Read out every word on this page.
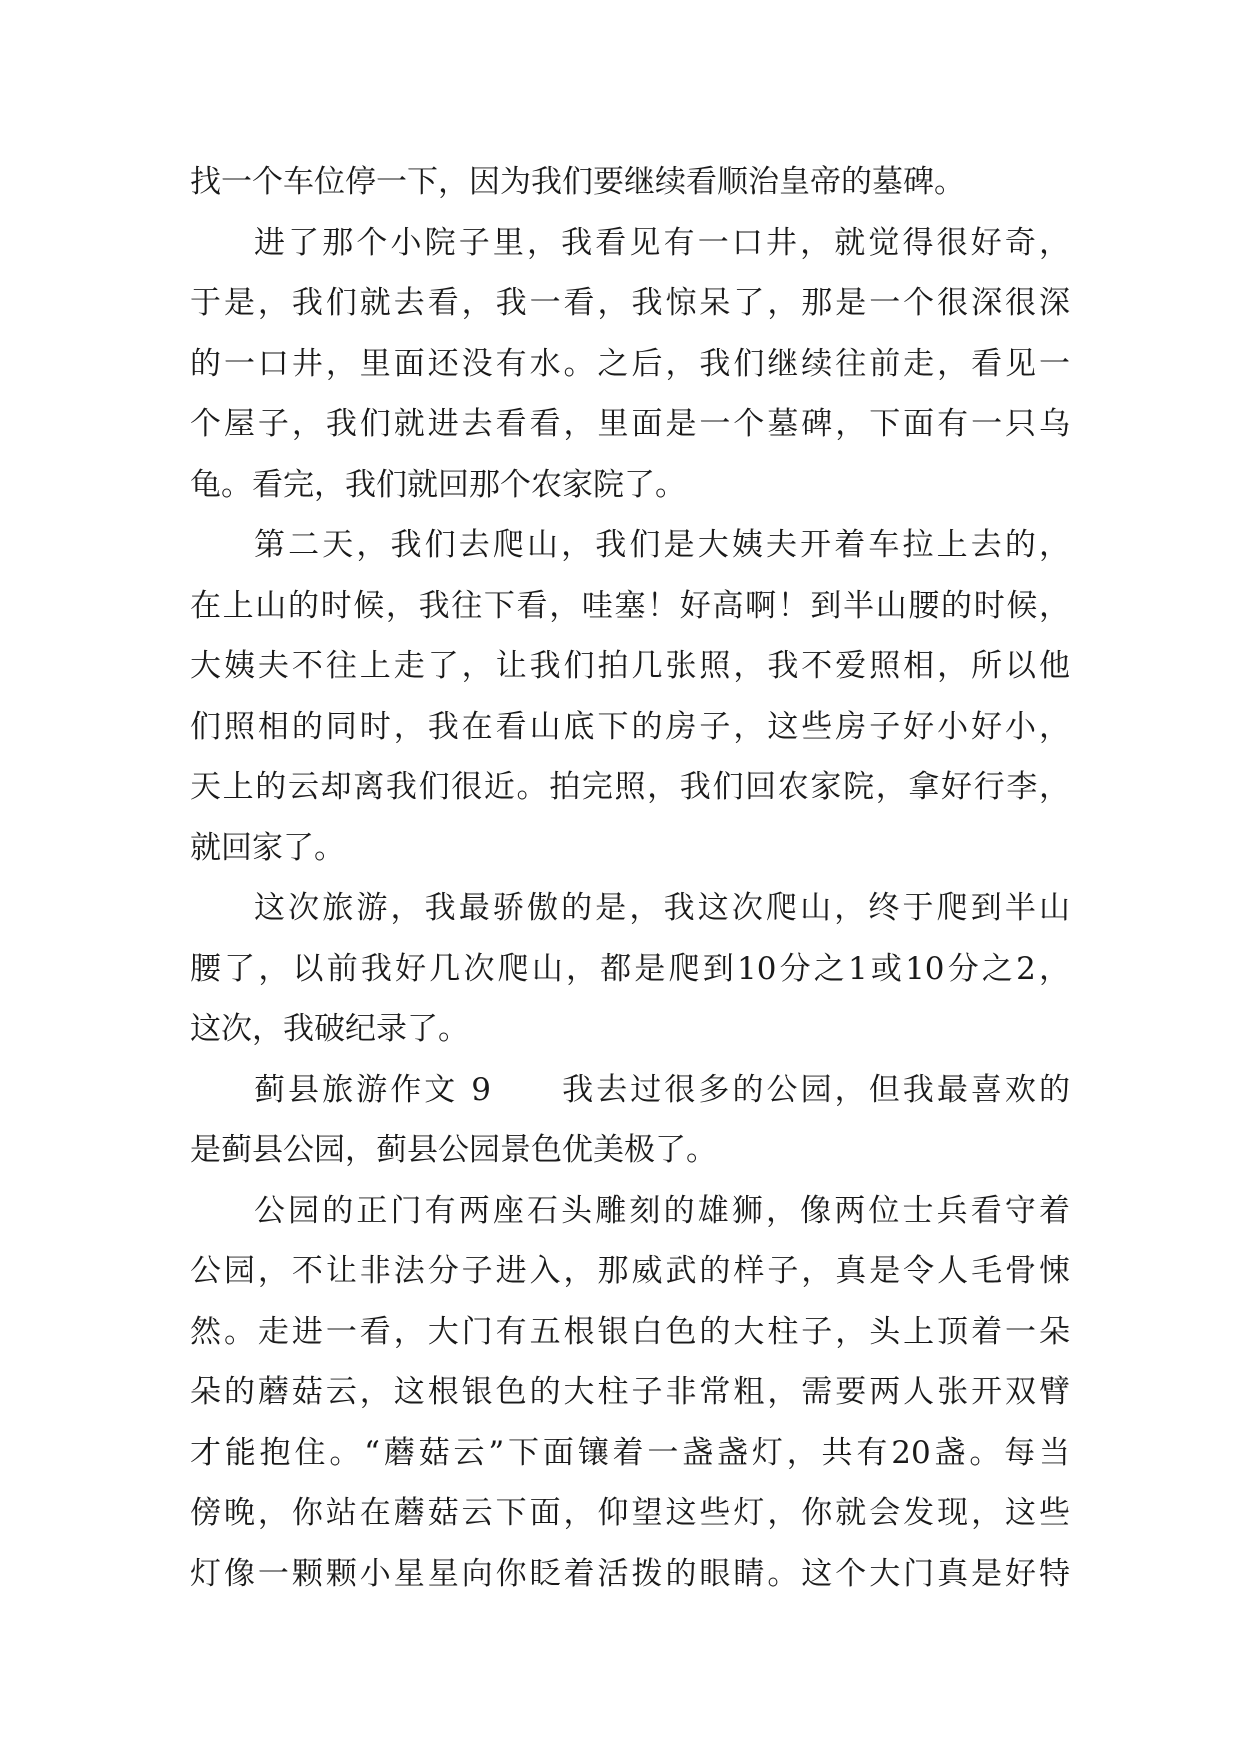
找一个车位停一下，因为我们要继续看顺治皇帝的墓碑。
进了那个小院子里，我看见有一口井，就觉得很好奇，
于是，我们就去看，我一看，我惊呆了，那是一个很深很深
的一口井，里面还没有水。之后，我们继续往前走，看见一
个屋子，我们就进去看看，里面是一个墓碑，下面有一只乌
龟。看完，我们就回那个农家院了。
第二天，我们去爬山，我们是大姨夫开着车拉上去的，
在上山的时候，我往下看，哇塞！好高啊！到半山腰的时候，
大姨夫不往上走了，让我们拍几张照，我不爱照相，所以他
们照相的同时，我在看山底下的房子，这些房子好小好小，
天上的云却离我们很近。拍完照，我们回农家院，拿好行李，
就回家了。
这次旅游，我最骄傲的是，我这次爬山，终于爬到半山
腰了，以前我好几次爬山，都是爬到10分之1或10分之2，
这次，我破纪录了。
蓟县旅游作文 9　　我去过很多的公园，但我最喜欢的
是蓟县公园，蓟县公园景色优美极了。
公园的正门有两座石头雕刻的雄狮，像两位士兵看守着
公园，不让非法分子进入，那威武的样子，真是令人毛骨悚
然。走进一看，大门有五根银白色的大柱子，头上顶着一朵
朵的蘑菇云，这根银色的大柱子非常粗，需要两人张开双臂
才能抱住。“蘑菇云”下面镶着一盏盏灯，共有20盏。每当
傍晚，你站在蘑菇云下面，仰望这些灯，你就会发现，这些
灯像一颗颗小星星向你眨着活拨的眼睛。这个大门真是好特
